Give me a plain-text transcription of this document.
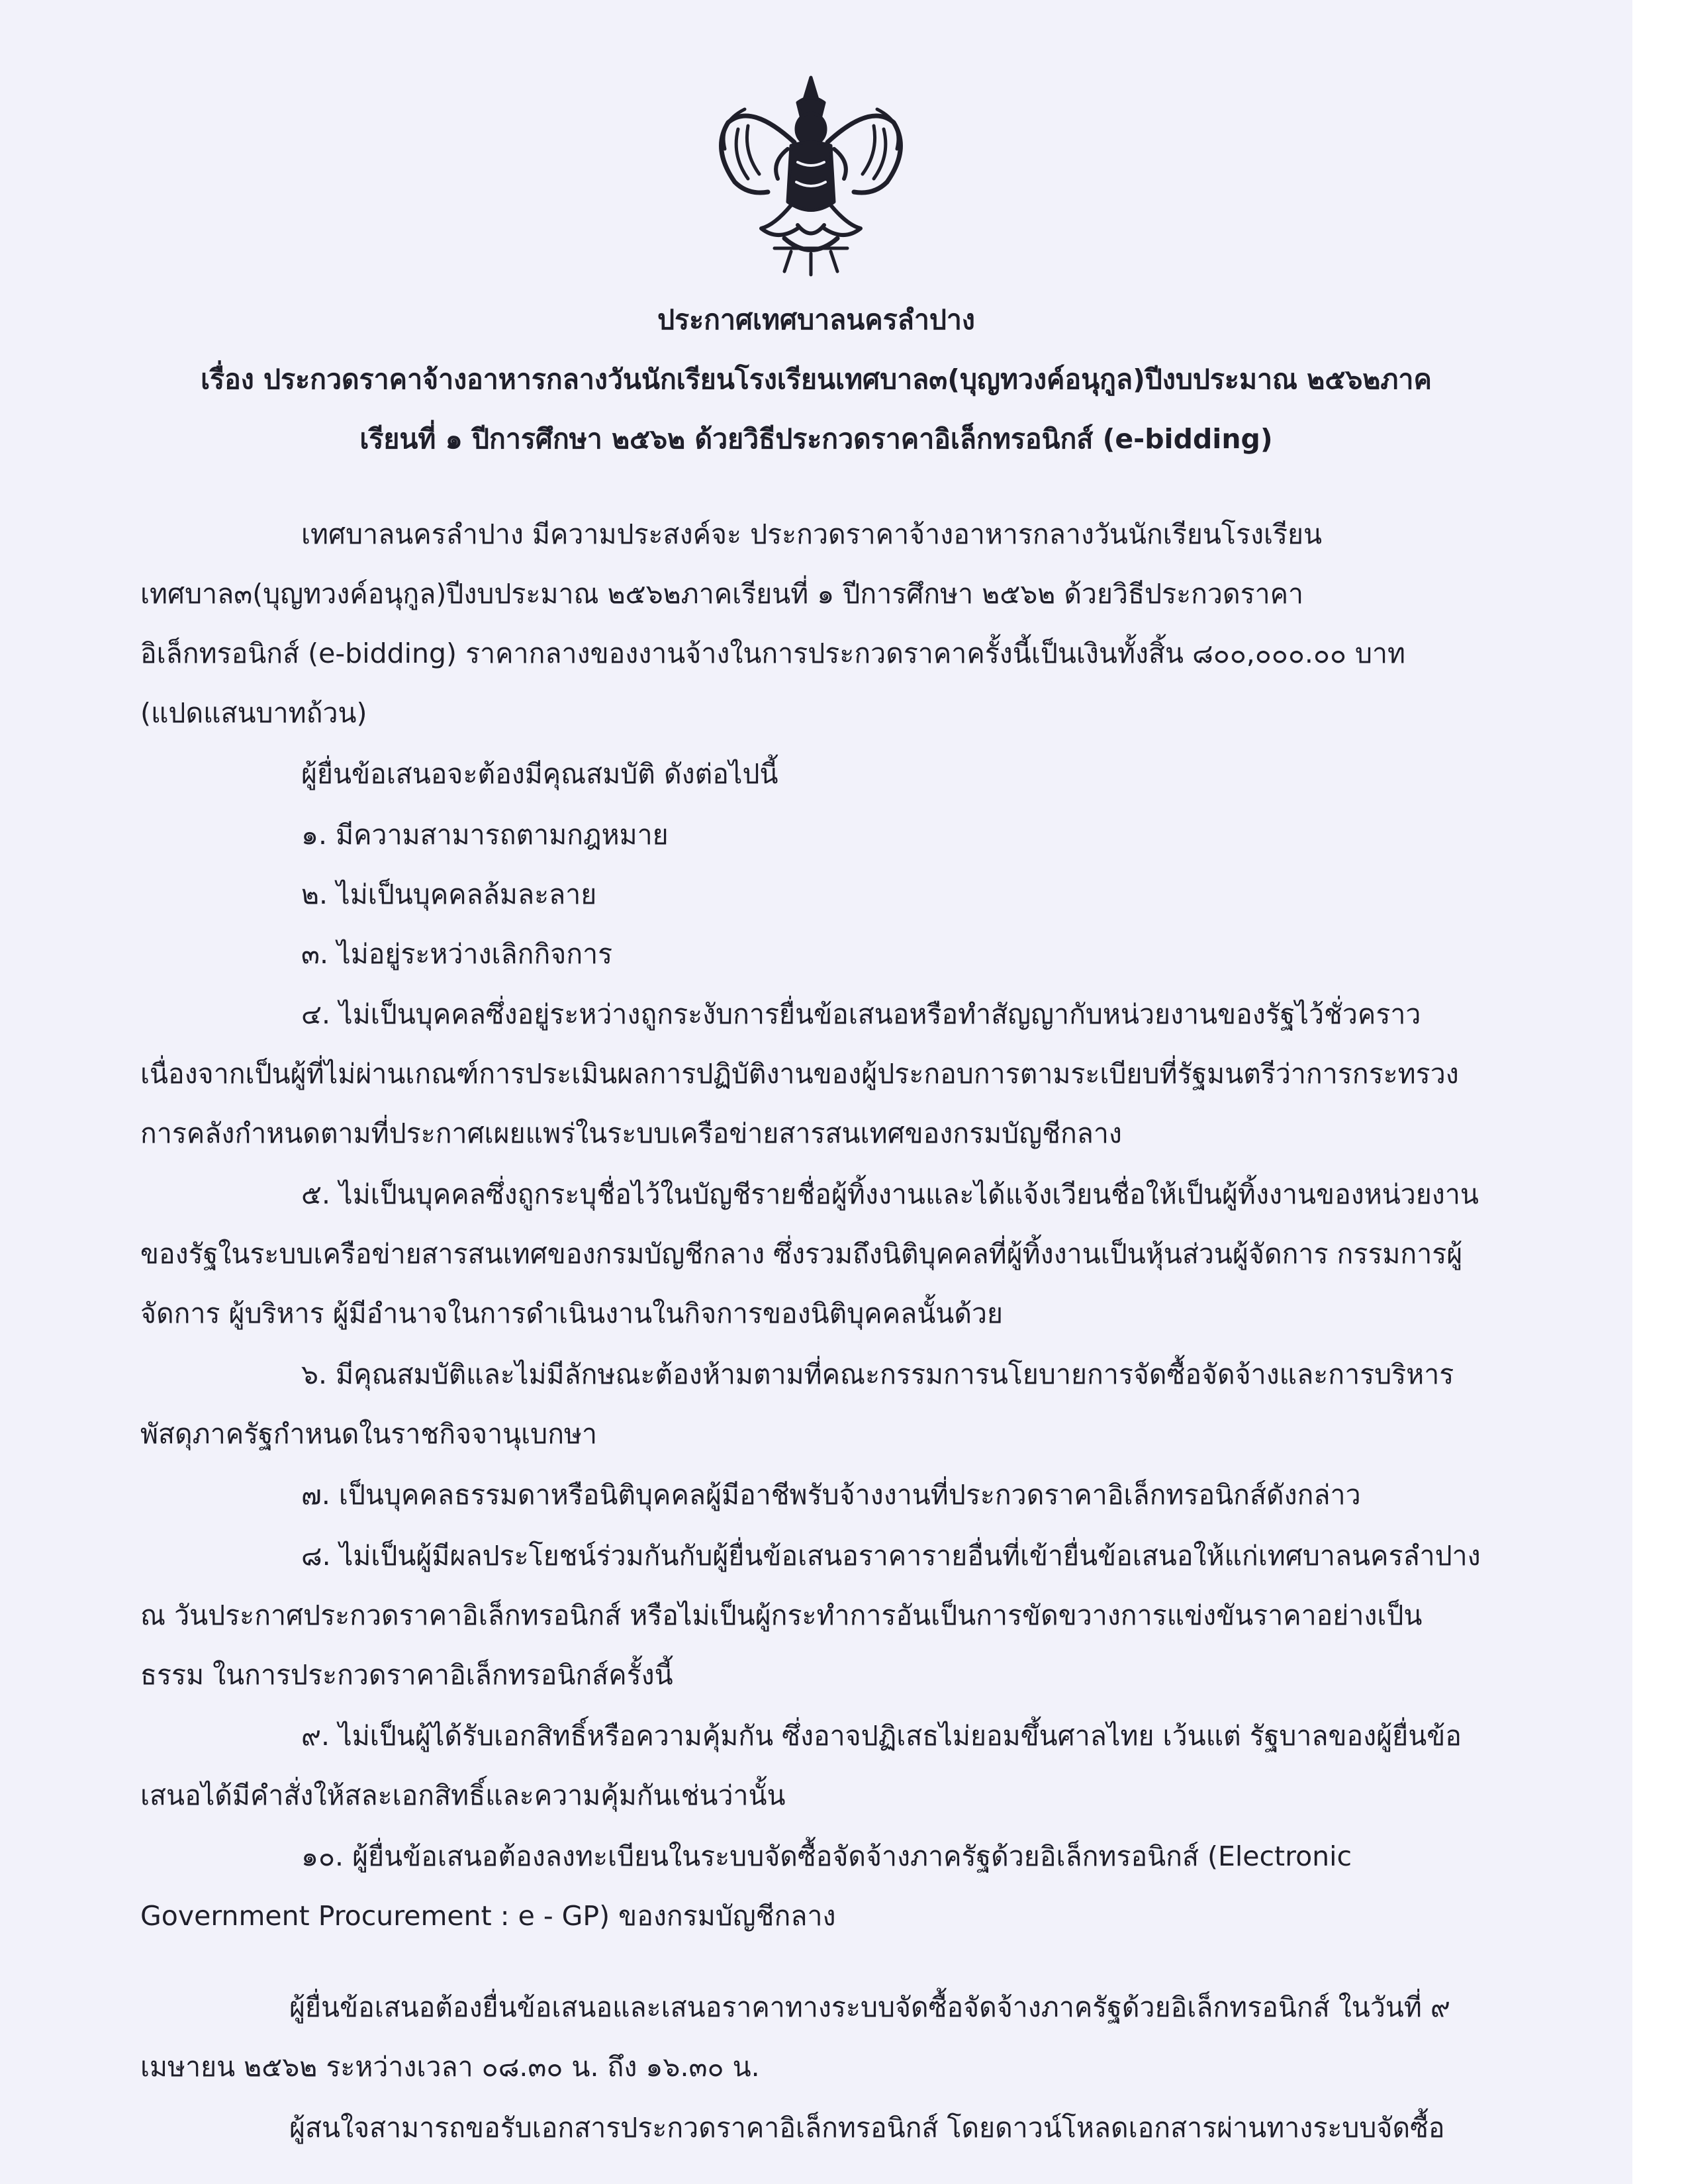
ประกาศเทศบาลนครลำปาง
เรื่อง ประกวดราคาจ้างอาหารกลางวันนักเรียนโรงเรียนเทศบาล๓(บุญทวงค์อนุกูล)ปีงบประมาณ ๒๕๖๒ภาค
เรียนที่ ๑ ปีการศึกษา ๒๕๖๒ ด้วยวิธีประกวดราคาอิเล็กทรอนิกส์ (e-bidding)
เทศบาลนครลำปาง มีความประสงค์จะ ประกวดราคาจ้างอาหารกลางวันนักเรียนโรงเรียน
เทศบาล๓(บุญทวงค์อนุกูล)ปีงบประมาณ ๒๕๖๒ภาคเรียนที่ ๑ ปีการศึกษา ๒๕๖๒ ด้วยวิธีประกวดราคา
อิเล็กทรอนิกส์ (e-bidding) ราคากลางของงานจ้างในการประกวดราคาครั้งนี้เป็นเงินทั้งสิ้น ๘๐๐,๐๐๐.๐๐ บาท
(แปดแสนบาทถ้วน)
ผู้ยื่นข้อเสนอจะต้องมีคุณสมบัติ ดังต่อไปนี้
๑. มีความสามารถตามกฎหมาย
๒. ไม่เป็นบุคคลล้มละลาย
๓. ไม่อยู่ระหว่างเลิกกิจการ
๔. ไม่เป็นบุคคลซึ่งอยู่ระหว่างถูกระงับการยื่นข้อเสนอหรือทำสัญญากับหน่วยงานของรัฐไว้ชั่วคราว
เนื่องจากเป็นผู้ที่ไม่ผ่านเกณฑ์การประเมินผลการปฏิบัติงานของผู้ประกอบการตามระเบียบที่รัฐมนตรีว่าการกระทรวง
การคลังกำหนดตามที่ประกาศเผยแพร่ในระบบเครือข่ายสารสนเทศของกรมบัญชีกลาง
๕. ไม่เป็นบุคคลซึ่งถูกระบุชื่อไว้ในบัญชีรายชื่อผู้ทิ้งงานและได้แจ้งเวียนชื่อให้เป็นผู้ทิ้งงานของหน่วยงาน
ของรัฐในระบบเครือข่ายสารสนเทศของกรมบัญชีกลาง ซึ่งรวมถึงนิติบุคคลที่ผู้ทิ้งงานเป็นหุ้นส่วนผู้จัดการ กรรมการผู้
จัดการ ผู้บริหาร ผู้มีอำนาจในการดำเนินงานในกิจการของนิติบุคคลนั้นด้วย
๖. มีคุณสมบัติและไม่มีลักษณะต้องห้ามตามที่คณะกรรมการนโยบายการจัดซื้อจัดจ้างและการบริหาร
พัสดุภาครัฐกำหนดในราชกิจจานุเบกษา
๗. เป็นบุคคลธรรมดาหรือนิติบุคคลผู้มีอาชีพรับจ้างงานที่ประกวดราคาอิเล็กทรอนิกส์ดังกล่าว
๘. ไม่เป็นผู้มีผลประโยชน์ร่วมกันกับผู้ยื่นข้อเสนอราคารายอื่นที่เข้ายื่นข้อเสนอให้แก่เทศบาลนครลำปาง
ณ วันประกาศประกวดราคาอิเล็กทรอนิกส์ หรือไม่เป็นผู้กระทำการอันเป็นการขัดขวางการแข่งขันราคาอย่างเป็น
ธรรม ในการประกวดราคาอิเล็กทรอนิกส์ครั้งนี้
๙. ไม่เป็นผู้ได้รับเอกสิทธิ์หรือความคุ้มกัน ซึ่งอาจปฏิเสธไม่ยอมขึ้นศาลไทย เว้นแต่ รัฐบาลของผู้ยื่นข้อ
เสนอได้มีคำสั่งให้สละเอกสิทธิ์และความคุ้มกันเช่นว่านั้น
๑๐. ผู้ยื่นข้อเสนอต้องลงทะเบียนในระบบจัดซื้อจัดจ้างภาครัฐด้วยอิเล็กทรอนิกส์ (Electronic
Government Procurement : e - GP) ของกรมบัญชีกลาง
ผู้ยื่นข้อเสนอต้องยื่นข้อเสนอและเสนอราคาทางระบบจัดซื้อจัดจ้างภาครัฐด้วยอิเล็กทรอนิกส์ ในวันที่ ๙
เมษายน ๒๕๖๒ ระหว่างเวลา ๐๘.๓๐ น. ถึง ๑๖.๓๐ น.
ผู้สนใจสามารถขอรับเอกสารประกวดราคาอิเล็กทรอนิกส์ โดยดาวน์โหลดเอกสารผ่านทางระบบจัดซื้อ
